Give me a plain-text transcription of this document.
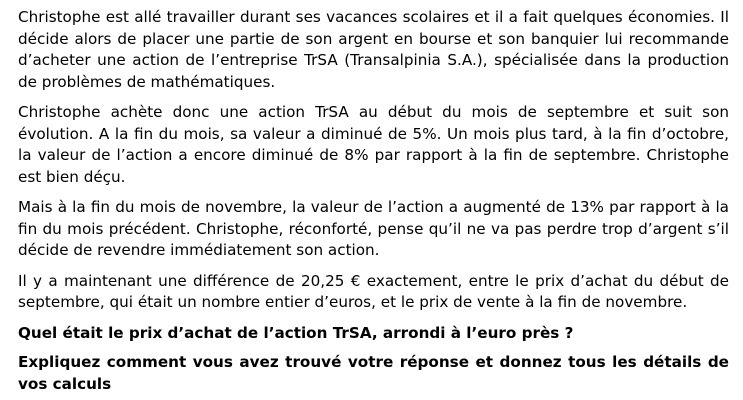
Christophe est allé travailler durant ses vacances scolaires et il a fait quelques économies. Il décide alors de placer une partie de son argent en bourse et son banquier lui recommande d’acheter une action de l’entreprise TrSA (Transalpinia S.A.), spécialisée dans la production de problèmes de mathématiques.

Christophe achète donc une action TrSA au début du mois de septembre et suit son évolution. A la fin du mois, sa valeur a diminué de 5%. Un mois plus tard, à la fin d’octobre, la valeur de l’action a encore diminué de 8% par rapport à la fin de septembre. Christophe est bien déçu.

Mais à la fin du mois de novembre, la valeur de l’action a augmenté de 13% par rapport à la fin du mois précédent. Christophe, réconforté, pense qu’il ne va pas perdre trop d’argent s’il décide de revendre immédiatement son action.

Il y a maintenant une différence de 20,25 € exactement, entre le prix d’achat du début de septembre, qui était un nombre entier d’euros, et le prix de vente à la fin de novembre.

Quel était le prix d’achat de l’action TrSA, arrondi à l’euro près ?

Expliquez comment vous avez trouvé votre réponse et donnez tous les détails de vos calculs
